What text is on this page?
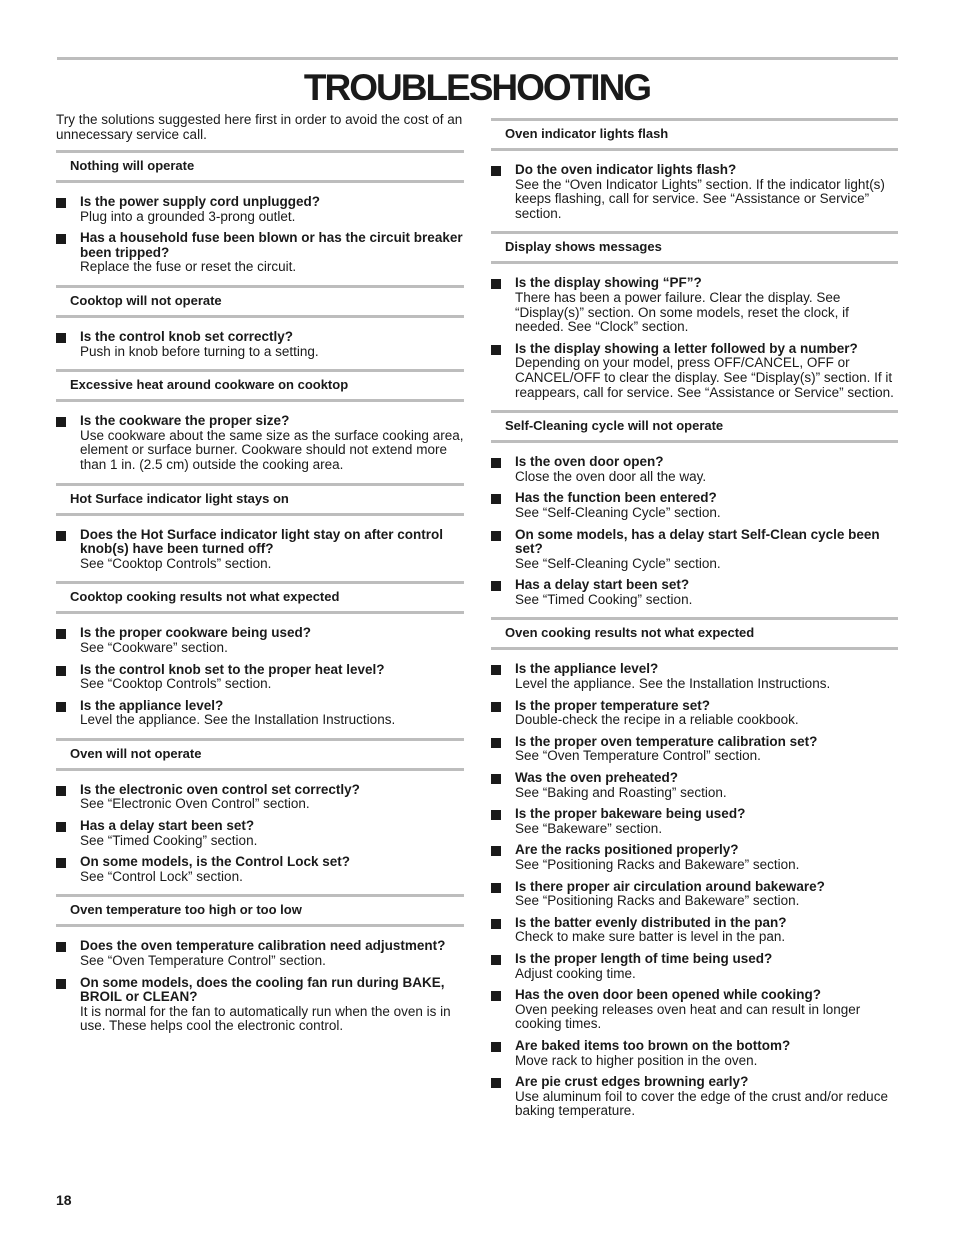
TROUBLESHOOTING

Try the solutions suggested here first in order to avoid the cost of an unnecessary service call.

Nothing will operate
Is the power supply cord unplugged?
Plug into a grounded 3-prong outlet.
Has a household fuse been blown or has the circuit breaker been tripped?
Replace the fuse or reset the circuit.
Cooktop will not operate
Is the control knob set correctly?
Push in knob before turning to a setting.
Excessive heat around cookware on cooktop
Is the cookware the proper size?
Use cookware about the same size as the surface cooking area, element or surface burner. Cookware should not extend more than 1 in. (2.5 cm) outside the cooking area.
Hot Surface indicator light stays on
Does the Hot Surface indicator light stay on after control knob(s) have been turned off?
See “Cooktop Controls” section.
Cooktop cooking results not what expected
Is the proper cookware being used?
See “Cookware” section.
Is the control knob set to the proper heat level?
See “Cooktop Controls” section.
Is the appliance level?
Level the appliance. See the Installation Instructions.
Oven will not operate
Is the electronic oven control set correctly?
See “Electronic Oven Control” section.
Has a delay start been set?
See “Timed Cooking” section.
On some models, is the Control Lock set?
See “Control Lock” section.
Oven temperature too high or too low
Does the oven temperature calibration need adjustment?
See “Oven Temperature Control” section.
On some models, does the cooling fan run during BAKE, BROIL or CLEAN?
It is normal for the fan to automatically run when the oven is in use. These helps cool the electronic control.
Oven indicator lights flash
Do the oven indicator lights flash?
See the “Oven Indicator Lights” section. If the indicator light(s) keeps flashing, call for service. See “Assistance or Service” section.
Display shows messages
Is the display showing “PF”?
There has been a power failure. Clear the display. See “Display(s)” section. On some models, reset the clock, if needed. See “Clock” section.
Is the display showing a letter followed by a number?
Depending on your model, press OFF/CANCEL, OFF or CANCEL/OFF to clear the display. See “Display(s)” section. If it reappears, call for service. See “Assistance or Service” section.
Self-Cleaning cycle will not operate
Is the oven door open?
Close the oven door all the way.
Has the function been entered?
See “Self-Cleaning Cycle” section.
On some models, has a delay start Self-Clean cycle been set?
See “Self-Cleaning Cycle” section.
Has a delay start been set?
See “Timed Cooking” section.
Oven cooking results not what expected
Is the appliance level?
Level the appliance. See the Installation Instructions.
Is the proper temperature set?
Double-check the recipe in a reliable cookbook.
Is the proper oven temperature calibration set?
See “Oven Temperature Control” section.
Was the oven preheated?
See “Baking and Roasting” section.
Is the proper bakeware being used?
See “Bakeware” section.
Are the racks positioned properly?
See “Positioning Racks and Bakeware” section.
Is there proper air circulation around bakeware?
See “Positioning Racks and Bakeware” section.
Is the batter evenly distributed in the pan?
Check to make sure batter is level in the pan.
Is the proper length of time being used?
Adjust cooking time.
Has the oven door been opened while cooking?
Oven peeking releases oven heat and can result in longer cooking times.
Are baked items too brown on the bottom?
Move rack to higher position in the oven.
Are pie crust edges browning early?
Use aluminum foil to cover the edge of the crust and/or reduce baking temperature.
18
